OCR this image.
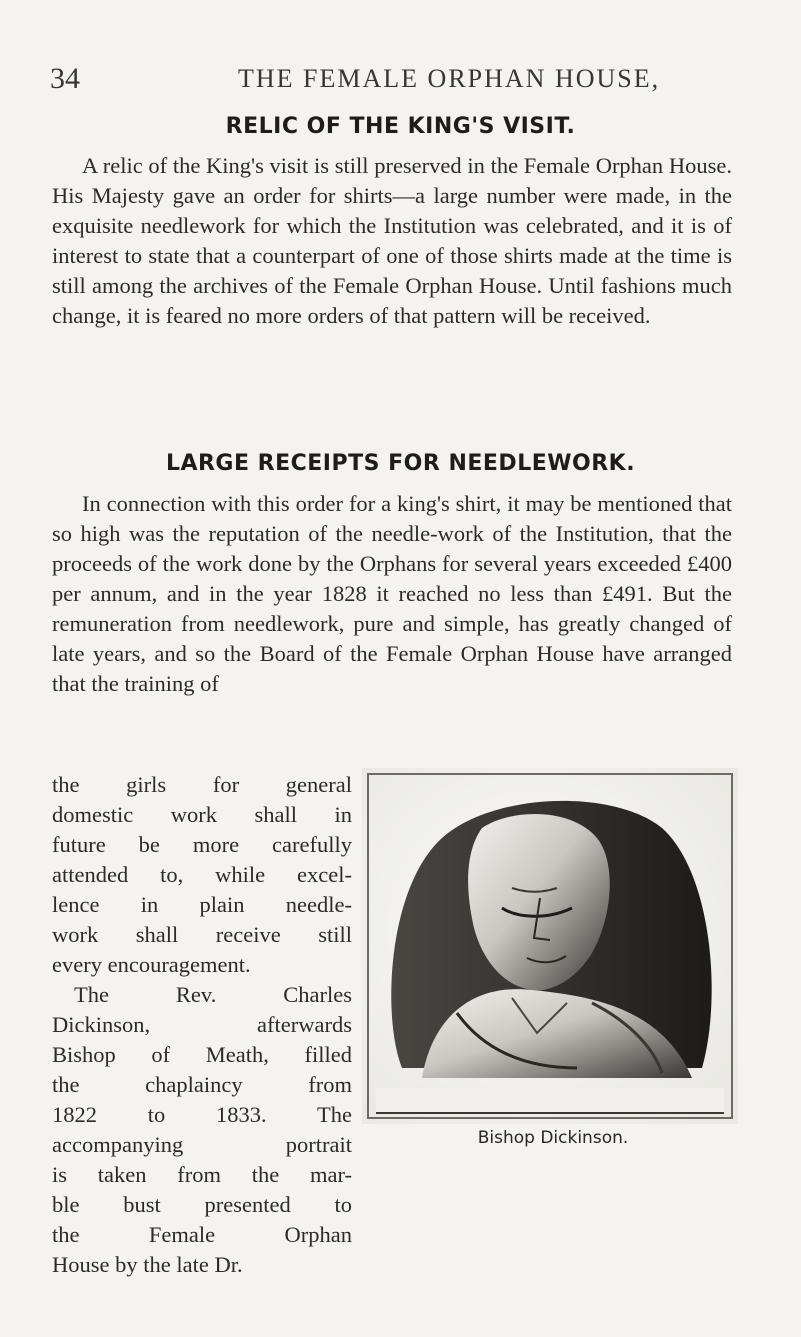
34	THE FEMALE ORPHAN HOUSE,
RELIC OF THE KING'S VISIT.

A relic of the King's visit is still preserved in the Female Orphan House. His Majesty gave an order for shirts—a large number were made, in the exquisite needlework for which the Institution was celebrated, and it is of interest to state that a counterpart of one of those shirts made at the time is still among the archives of the Female Orphan House. Until fashions much change, it is feared no more orders of that pattern will be received.

LARGE RECEIPTS FOR NEEDLEWORK.

In connection with this order for a king's shirt, it may be mentioned that so high was the reputation of the needle-work of the Institution, that the proceeds of the work done by the Orphans for several years exceeded £400 per annum, and in the year 1828 it reached no less than £491. But the remuneration from needlework, pure and simple, has greatly changed of late years, and so the Board of the Female Orphan House have arranged that the training of

the girls for general
domestic work shall in
future be more carefully
attended to, while excel-
lence in plain needle-
work shall receive still
every encouragement.
The Rev. Charles
Dickinson, afterwards
Bishop of Meath, filled
the chaplaincy from
1822 to 1833. The
accompanying portrait
is taken from the mar-
ble bust presented to
the Female Orphan
House by the late Dr.
Bishop Dickinson.
